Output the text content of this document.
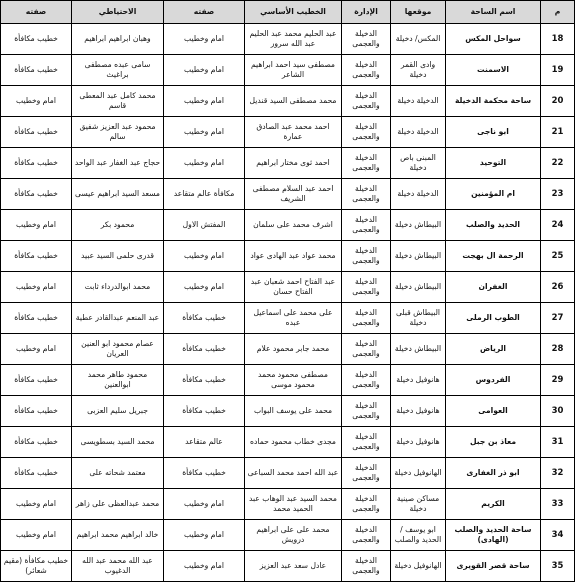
م	اسم الساحة	موقعها	الإدارة	الخطيب الأساسي	صفته	الاحتياطي	صفته
18	سواحل المكس	المكس/ دخيلة	الدخيلة والعجمى	عبد الحليم محمد عبد الحليم عبد الله سرور	امام وخطيب	وهبان ابراهيم ابراهيم	خطيب مكافأة
19	الاسمنت	وادى القمر دخيلة	الدخيلة والعجمى	مصطفى سيد احمد ابراهيم الشاعر	امام وخطيب	سامى عبده مصطفى براغيث	خطيب مكافأة
20	ساحة محكمة الدخيلة	الدخيلة دخيلة	الدخيلة والعجمى	محمد مصطفى السيد قنديل	امام وخطيب	محمد كامل عبد المعطى قاسم	امام وخطيب
21	ابو ناجى	الدخيلة دخيلة	الدخيلة والعجمى	احمد محمد عبد الصادق عمارة	امام وخطيب	محمود عبد العزيز شفيق سالم	خطيب مكافأة
22	التوحيد	المبنى باص دخيلة	الدخيلة والعجمى	احمد ثوى مختار ابراهيم	امام وخطيب	حجاج عبد الغفار عبد الواحد	خطيب مكافأة
23	ام المؤمنين	الدخيلة دخيلة	الدخيلة والعجمى	احمد عبد السلام مصطفى الشريف	مكافأة عالم متقاعد	مسعد السيد ابراهيم عيسى	خطيب مكافأة
24	الحديد والصلب	البيطاش دخيلة	الدخيلة والعجمى	اشرف محمد على سلمان	المفتش الاول	محمود بكر	امام وخطيب
25	الرحمة ال بهجت	البيطاش دخيلة	الدخيلة والعجمى	محمد عواد عبد الهادى عواد	امام وخطيب	قدرى حلمى السيد عبيد	خطيب مكافأة
26	الغفران	البيطاش دخيلة	الدخيلة والعجمى	عبد الفتاح احمد شعبان عبد الفتاح حسان	امام وخطيب	محمد ابوالدرداء ثابت	امام وخطيب
27	الطوب الرملى	البيطاش قبلى دخيلة	الدخيلة والعجمى	على محمد على اسماعيل عبده	خطيب مكافأة	عبد المنعم عبدالقادر عطية	خطيب مكافأة
28	الرياض	البيطاش دخيلة	الدخيلة والعجمى	محمد جابر محمود علام	خطيب مكافأة	عصام محمود ابو العنين العريان	امام وخطيب
29	الفردوس	هانوفيل دخيلة	الدخيلة والعجمى	مصطفى محمود محمد محمود موسى	خطيب مكافأة	محمود طاهر محمد ابوالعنين	خطيب مكافأة
30	العوامى	هانوفيل دخيلة	الدخيلة والعجمى	محمد على يوسف البواب	خطيب مكافأة	جبريل سليم العزبى	خطيب مكافأة
31	معاذ بن جبل	هانوفيل دخيلة	الدخيلة والعجمى	مجدى خطاب محمود حماده	عالم متقاعد	محمد السيد بسطويسى	خطيب مكافأة
32	ابو ذر الغفارى	الهانوفيل دخيلة	الدخيلة والعجمى	عبد الله احمد محمد السباعى	خطيب مكافأة	معتمد شحاته على	خطيب مكافأة
33	الكريم	مساكن صينية دخيلة	الدخيلة والعجمى	محمد السيد عبد الوهاب عبد الحميد محمد	امام وخطيب	محمد عبدالعظى على زاهر	امام وخطيب
34	ساحة الحديد والصلب (الهادى)	ابو يوسف /الحديد والصلب	الدخيلة والعجمى	محمد على على ابراهيم درويش	امام وخطيب	خالد ابراهيم محمد ابراهيم	امام وخطيب
35	ساحة قصر القويرى	الهانوفيل دخيلة	الدخيلة والعجمى	عادل سعد عبد العزيز	امام وخطيب	عبد الله محمد عبد الله الدغيوب	خطيب مكافأة (مقيم شعائر)
